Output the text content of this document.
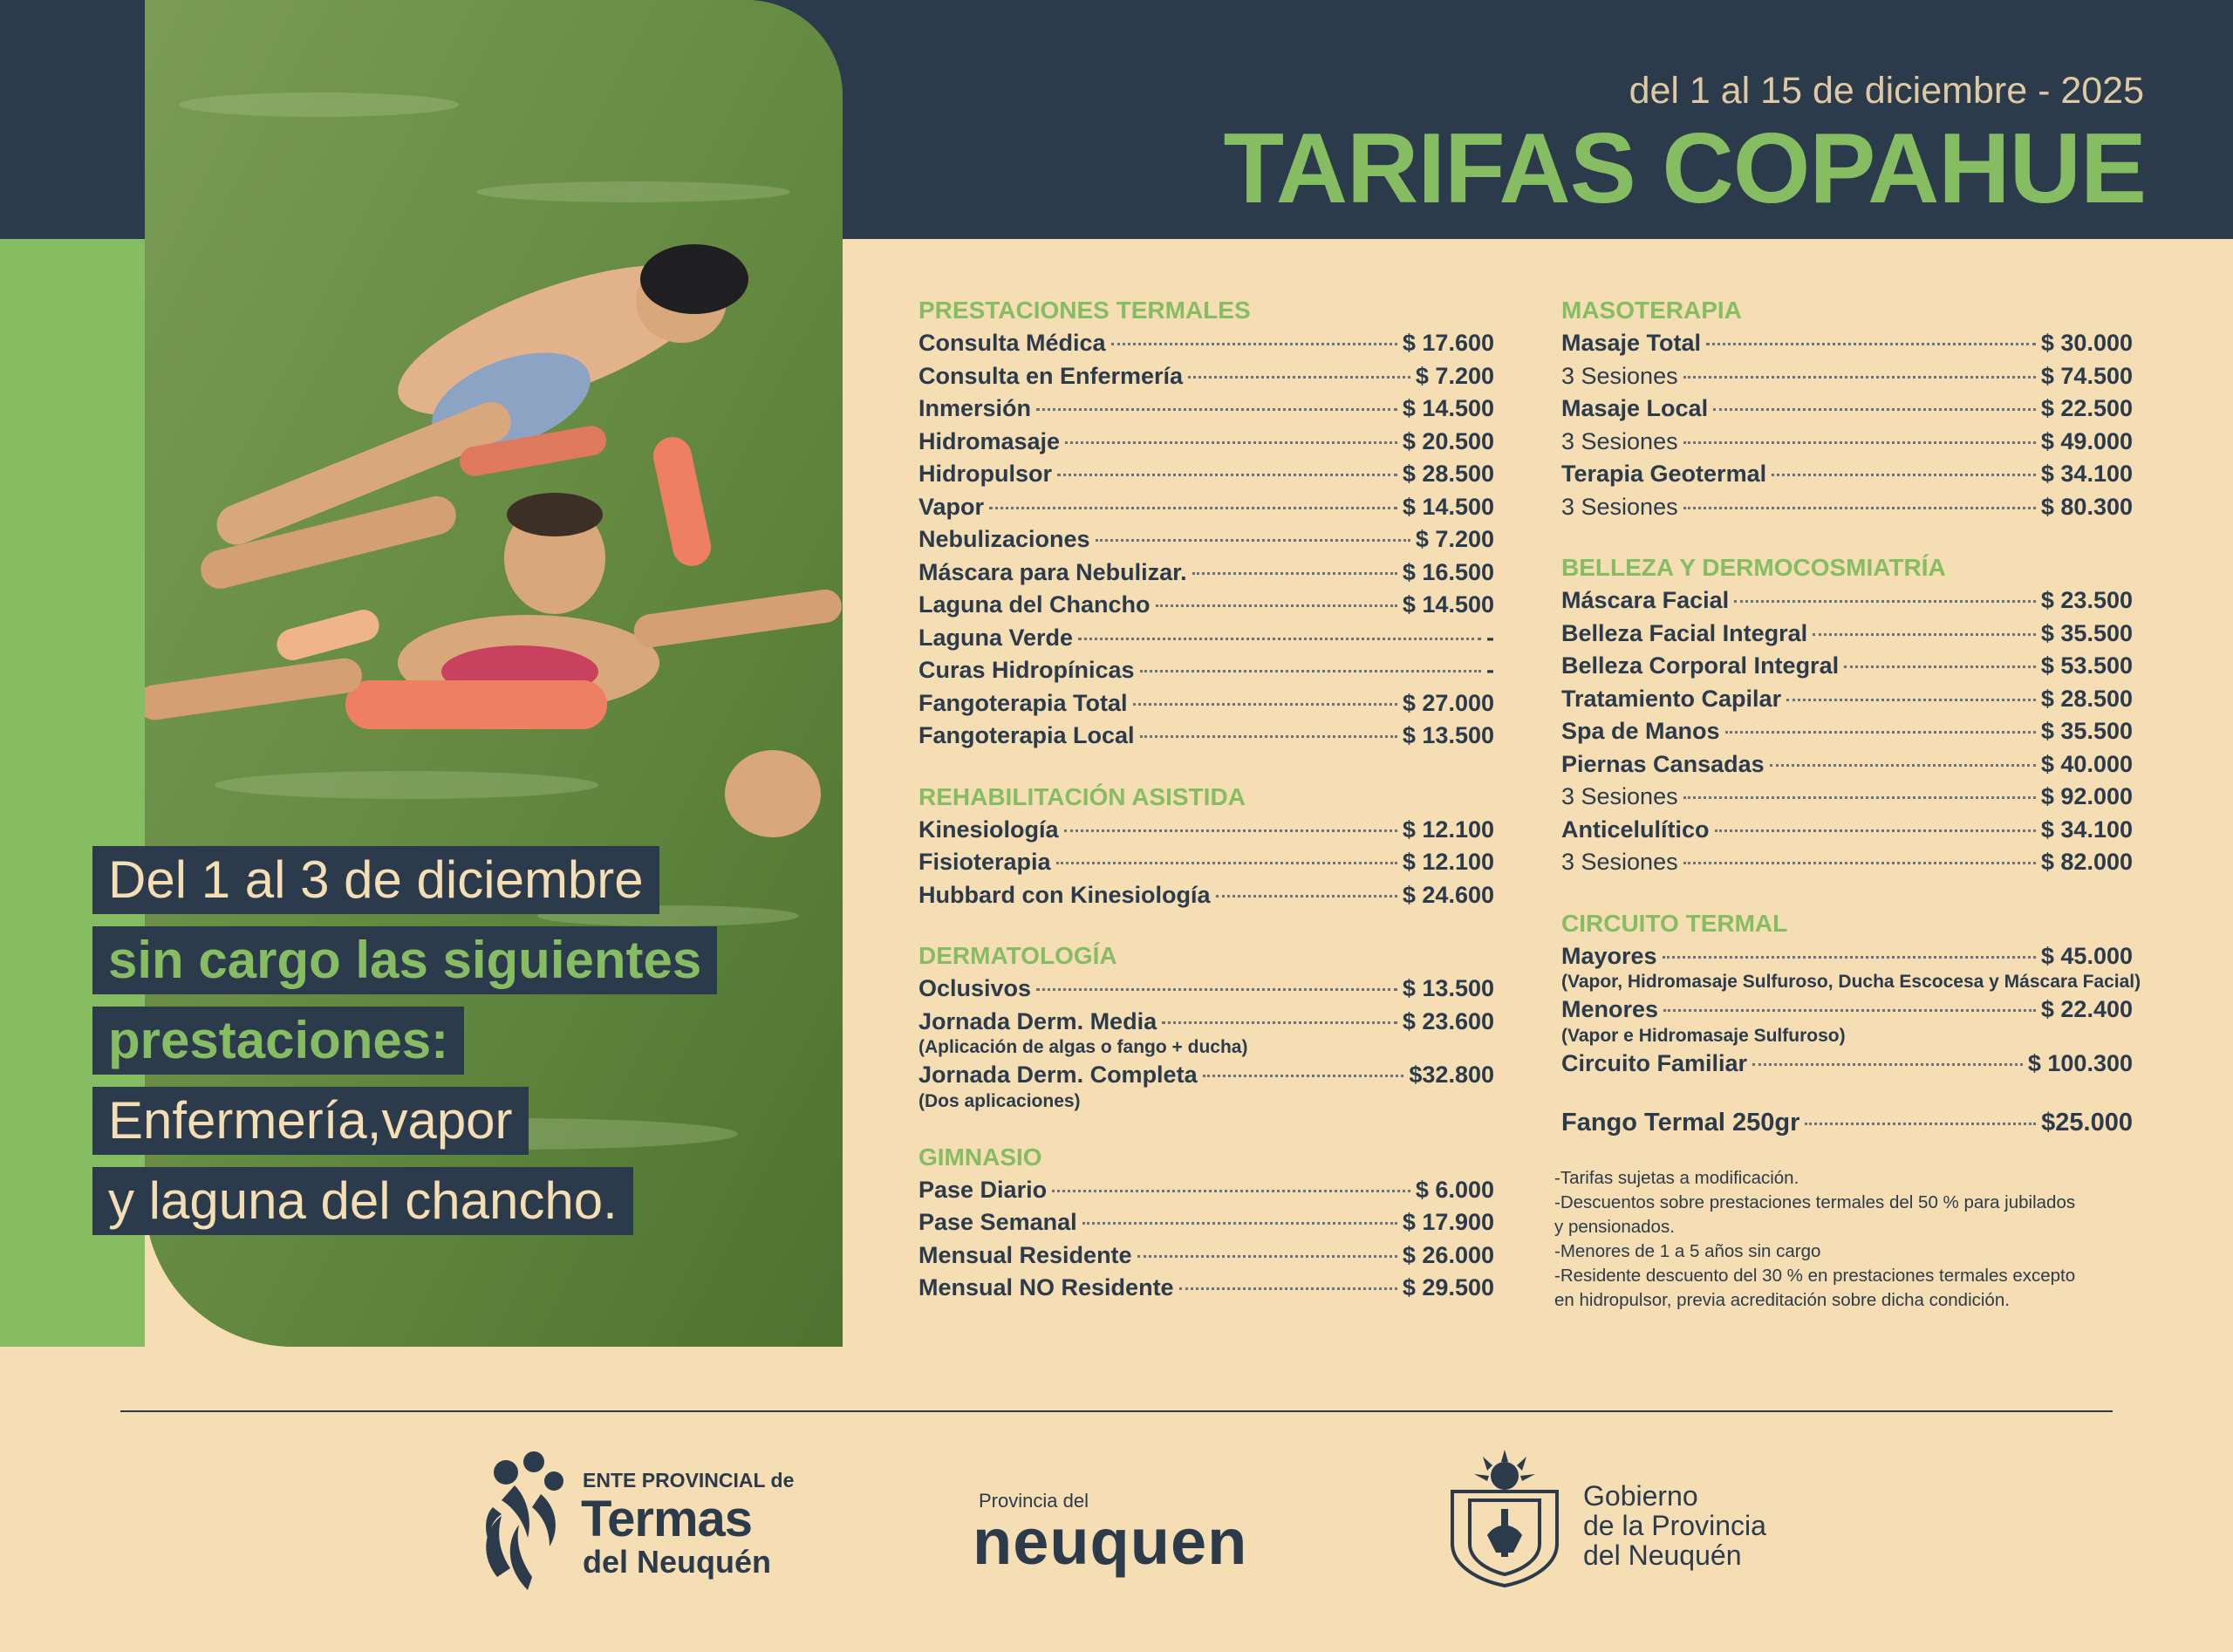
del 1 al 15 de diciembre - 2025
TARIFAS COPAHUE
Del 1 al 3 de diciembre
sin cargo las siguientes
prestaciones:
Enfermería,vapor
y laguna del chancho.
PRESTACIONES TERMALES
Consulta Médica	$ 17.600
Consulta en Enfermería	$ 7.200
Inmersión	$ 14.500
Hidromasaje	$ 20.500
Hidropulsor	$ 28.500
Vapor	$ 14.500
Nebulizaciones	$ 7.200
Máscara para Nebulizar.	$ 16.500
Laguna del Chancho	$ 14.500
Laguna Verde	-
Curas Hidropínicas	-
Fangoterapia Total	$ 27.000
Fangoterapia Local	$ 13.500
REHABILITACIÓN ASISTIDA
Kinesiología	$ 12.100
Fisioterapia	$ 12.100
Hubbard con Kinesiología	$ 24.600
DERMATOLOGÍA
Oclusivos	$ 13.500
Jornada Derm. Media	$ 23.600
(Aplicación de algas o fango + ducha)
Jornada Derm. Completa	$32.800
(Dos aplicaciones)
GIMNASIO
Pase Diario	$ 6.000
Pase Semanal	$ 17.900
Mensual Residente	$ 26.000
Mensual NO Residente	$ 29.500
MASOTERAPIA
Masaje Total	$ 30.000
3 Sesiones	$ 74.500
Masaje Local	$ 22.500
3 Sesiones	$ 49.000
Terapia Geotermal	$ 34.100
3 Sesiones	$ 80.300
BELLEZA Y DERMOCOSMIATRÍA
Máscara Facial	$ 23.500
Belleza Facial Integral	$ 35.500
Belleza Corporal Integral	$ 53.500
Tratamiento Capilar	$ 28.500
Spa de Manos	$ 35.500
Piernas Cansadas	$ 40.000
3 Sesiones	$ 92.000
Anticelulítico	$ 34.100
3 Sesiones	$ 82.000
CIRCUITO TERMAL
Mayores	$ 45.000
(Vapor, Hidromasaje Sulfuroso, Ducha Escocesa y Máscara Facial)
Menores	$ 22.400
(Vapor e Hidromasaje Sulfuroso)
Circuito Familiar	$ 100.300
Fango Termal 250gr	$25.000
-Tarifas sujetas a modificación.
-Descuentos sobre prestaciones termales del 50 % para jubilados
y pensionados.
-Menores de 1 a 5 años sin cargo
-Residente descuento del 30 % en prestaciones termales excepto
en hidropulsor, previa acreditación sobre dicha condición.
ENTE PROVINCIAL de
Termas
del Neuquén
Provincia del
neuquen
Gobierno
de la Provincia
del Neuquén
